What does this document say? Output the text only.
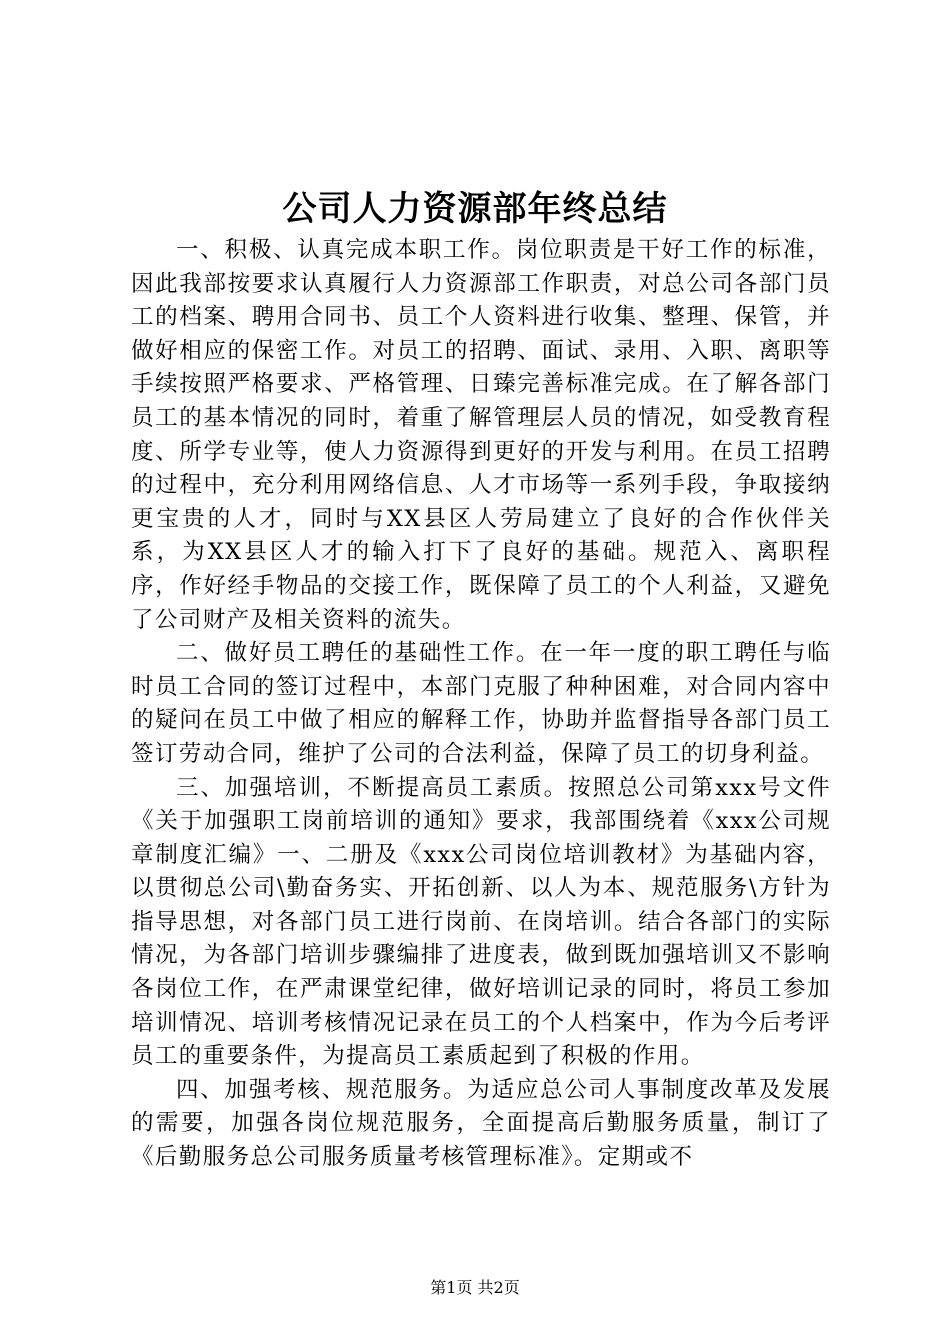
公司人力资源部年终总结

一、积极、认真完成本职工作。岗位职责是干好工作的标准，因此我部按要求认真履行人力资源部工作职责，对总公司各部门员工的档案、聘用合同书、员工个人资料进行收集、整理、保管，并做好相应的保密工作。对员工的招聘、面试、录用、入职、离职等手续按照严格要求、严格管理、日臻完善标准完成。在了解各部门员工的基本情况的同时，着重了解管理层人员的情况，如受教育程度、所学专业等，使人力资源得到更好的开发与利用。在员工招聘的过程中，充分利用网络信息、人才市场等一系列手段，争取接纳更宝贵的人才，同时与XX县区人劳局建立了良好的合作伙伴关系，为XX县区人才的输入打下了良好的基础。规范入、离职程序，作好经手物品的交接工作，既保障了员工的个人利益，又避免了公司财产及相关资料的流失。

二、做好员工聘任的基础性工作。在一年一度的职工聘任与临时员工合同的签订过程中，本部门克服了种种困难，对合同内容中的疑问在员工中做了相应的解释工作，协助并监督指导各部门员工签订劳动合同，维护了公司的合法利益，保障了员工的切身利益。

三、加强培训，不断提高员工素质。按照总公司第xxx号文件《关于加强职工岗前培训的通知》要求，我部围绕着《xxx公司规章制度汇编》一、二册及《xxx公司岗位培训教材》为基础内容，以贯彻总公司\勤奋务实、开拓创新、以人为本、规范服务\方针为指导思想，对各部门员工进行岗前、在岗培训。结合各部门的实际情况，为各部门培训步骤编排了进度表，做到既加强培训又不影响各岗位工作，在严肃课堂纪律，做好培训记录的同时，将员工参加培训情况、培训考核情况记录在员工的个人档案中，作为今后考评员工的重要条件，为提高员工素质起到了积极的作用。

四、加强考核、规范服务。为适应总公司人事制度改革及发展的需要，加强各岗位规范服务，全面提高后勤服务质量，制订了《后勤服务总公司服务质量考核管理标准》。定期或不

第1页 共2页
